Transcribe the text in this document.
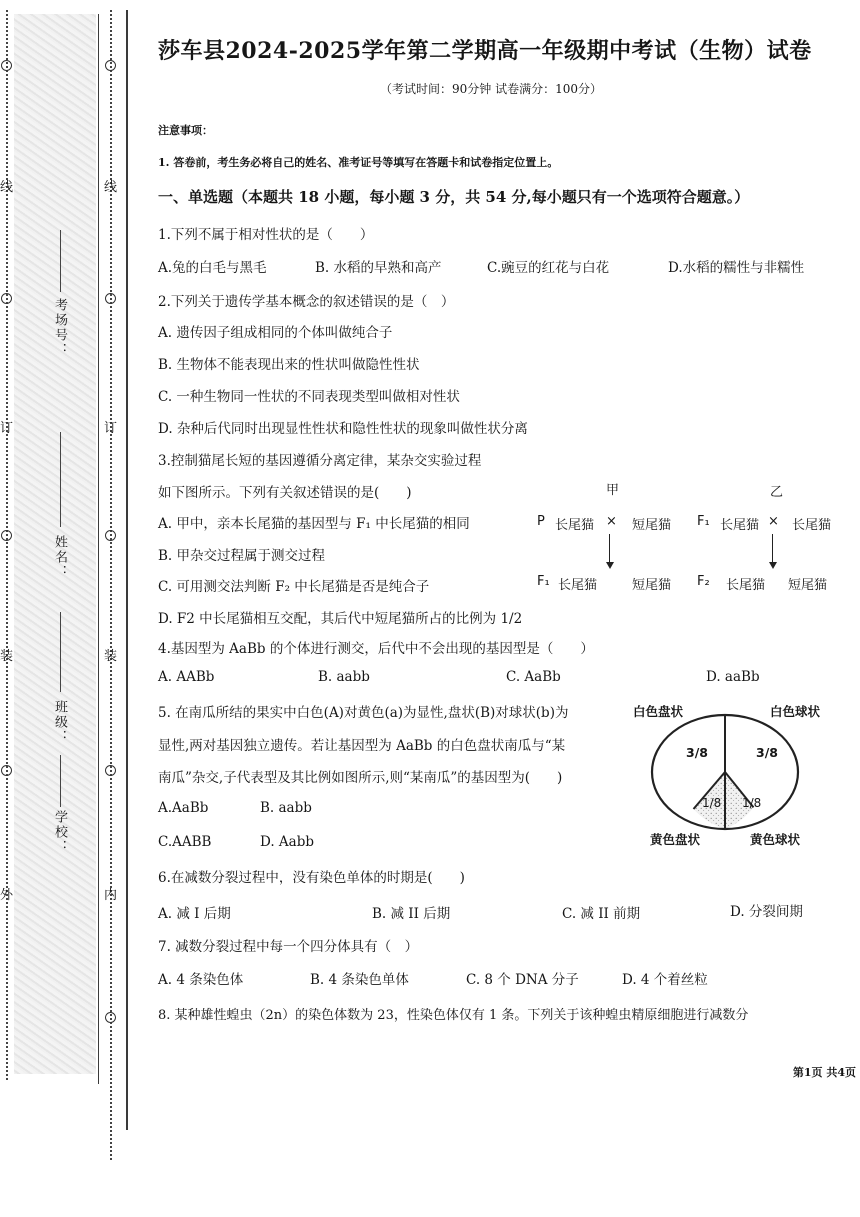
线
订
装
外
线
订
装
内
考场号：
姓名：
班级：
学校：
莎车县2024-2025学年第二学期高一年级期中考试（生物）试卷
（考试时间：90分钟 试卷满分：100分）
注意事项：
1. 答卷前，考生务必将自己的姓名、准考证号等填写在答题卡和试卷指定位置上。
一、单选题（本题共 18 小题，每小题 3 分，共 54 分,每小题只有一个选项符合题意。）
1.下列不属于相对性状的是（　　）
A.兔的白毛与黑毛	B. 水稻的早熟和高产	C.豌豆的红花与白花	D.水稻的糯性与非糯性
2.下列关于遗传学基本概念的叙述错误的是（　）
A. 遗传因子组成相同的个体叫做纯合子
B. 生物体不能表现出来的性状叫做隐性性状
C. 一种生物同一性状的不同表现类型叫做相对性状
D. 杂种后代同时出现显性性状和隐性性状的现象叫做性状分离
3.控制猫尾长短的基因遵循分离定律，某杂交实验过程
如下图所示。下列有关叙述错误的是(　　)
A. 甲中，亲本长尾猫的基因型与 F₁ 中长尾猫的相同
B. 甲杂交过程属于测交过程
C. 可用测交法判断 F₂ 中长尾猫是否是纯合子
D. F2 中长尾猫相互交配，其后代中短尾猫所占的比例为 1/2
甲	乙
P 长尾猫 × 短尾猫 F₁ 长尾猫 × 长尾猫
F₁ 长尾猫	短尾猫 F₂ 长尾猫 短尾猫
4.基因型为 AaBb 的个体进行测交，后代中不会出现的基因型是（　　）
A. AABb	B. aabb	C. AaBb	D. aaBb
5. 在南瓜所结的果实中白色(A)对黄色(a)为显性,盘状(B)对球状(b)为
显性,两对基因独立遗传。若让基因型为 AaBb 的白色盘状南瓜与“某
南瓜”杂交,子代表型及其比例如图所示,则“某南瓜”的基因型为(　　)
A.AaBb	B. aabb
C.AABB	D. Aabb
3/8	3/8
1/8 1/8
白色盘状	白色球状
黄色盘状	黄色球状
6.在减数分裂过程中，没有染色单体的时期是(　　)
A. 减 I 后期	B. 减 II 后期	C. 减 II 前期	D. 分裂间期
7. 减数分裂过程中每一个四分体具有（　）
A. 4 条染色体	B. 4 条染色单体	C. 8 个 DNA 分子	D. 4 个着丝粒
8. 某种雄性蝗虫（2n）的染色体数为 23，性染色体仅有 1 条。下列关于该种蝗虫精原细胞进行减数分
第1页 共4页
